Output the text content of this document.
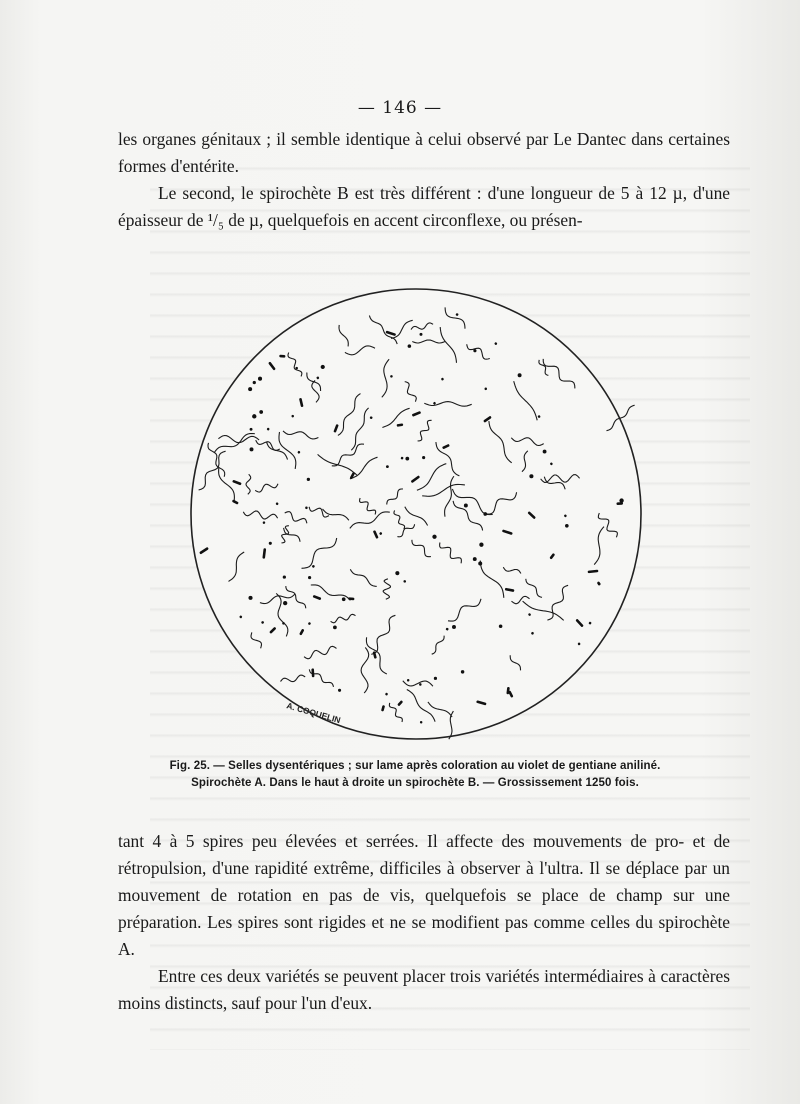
— 146 —

les organes génitaux ; il semble identique à celui observé par Le Dantec dans certaines formes d'entérite.

Le second, le spirochète B est très différent : d'une longueur de 5 à 12 µ, d'une épaisseur de ¹/₅ de µ, quelquefois en accent circonflexe, ou présen-

A. COQUELIN
Fig. 25. — Selles dysentériques ; sur lame après coloration au violet de gentiane aniliné.
Spirochète A. Dans le haut à droite un spirochète B. — Grossissement 1250 fois.

tant 4 à 5 spires peu élevées et serrées. Il affecte des mouvements de pro- et de rétropulsion, d'une rapidité extrême, difficiles à observer à l'ultra. Il se déplace par un mouvement de rotation en pas de vis, quelquefois se place de champ sur une préparation. Les spires sont rigides et ne se modifient pas comme celles du spirochète A.

Entre ces deux variétés se peuvent placer trois variétés intermédiaires à caractères moins distincts, sauf pour l'un d'eux.
